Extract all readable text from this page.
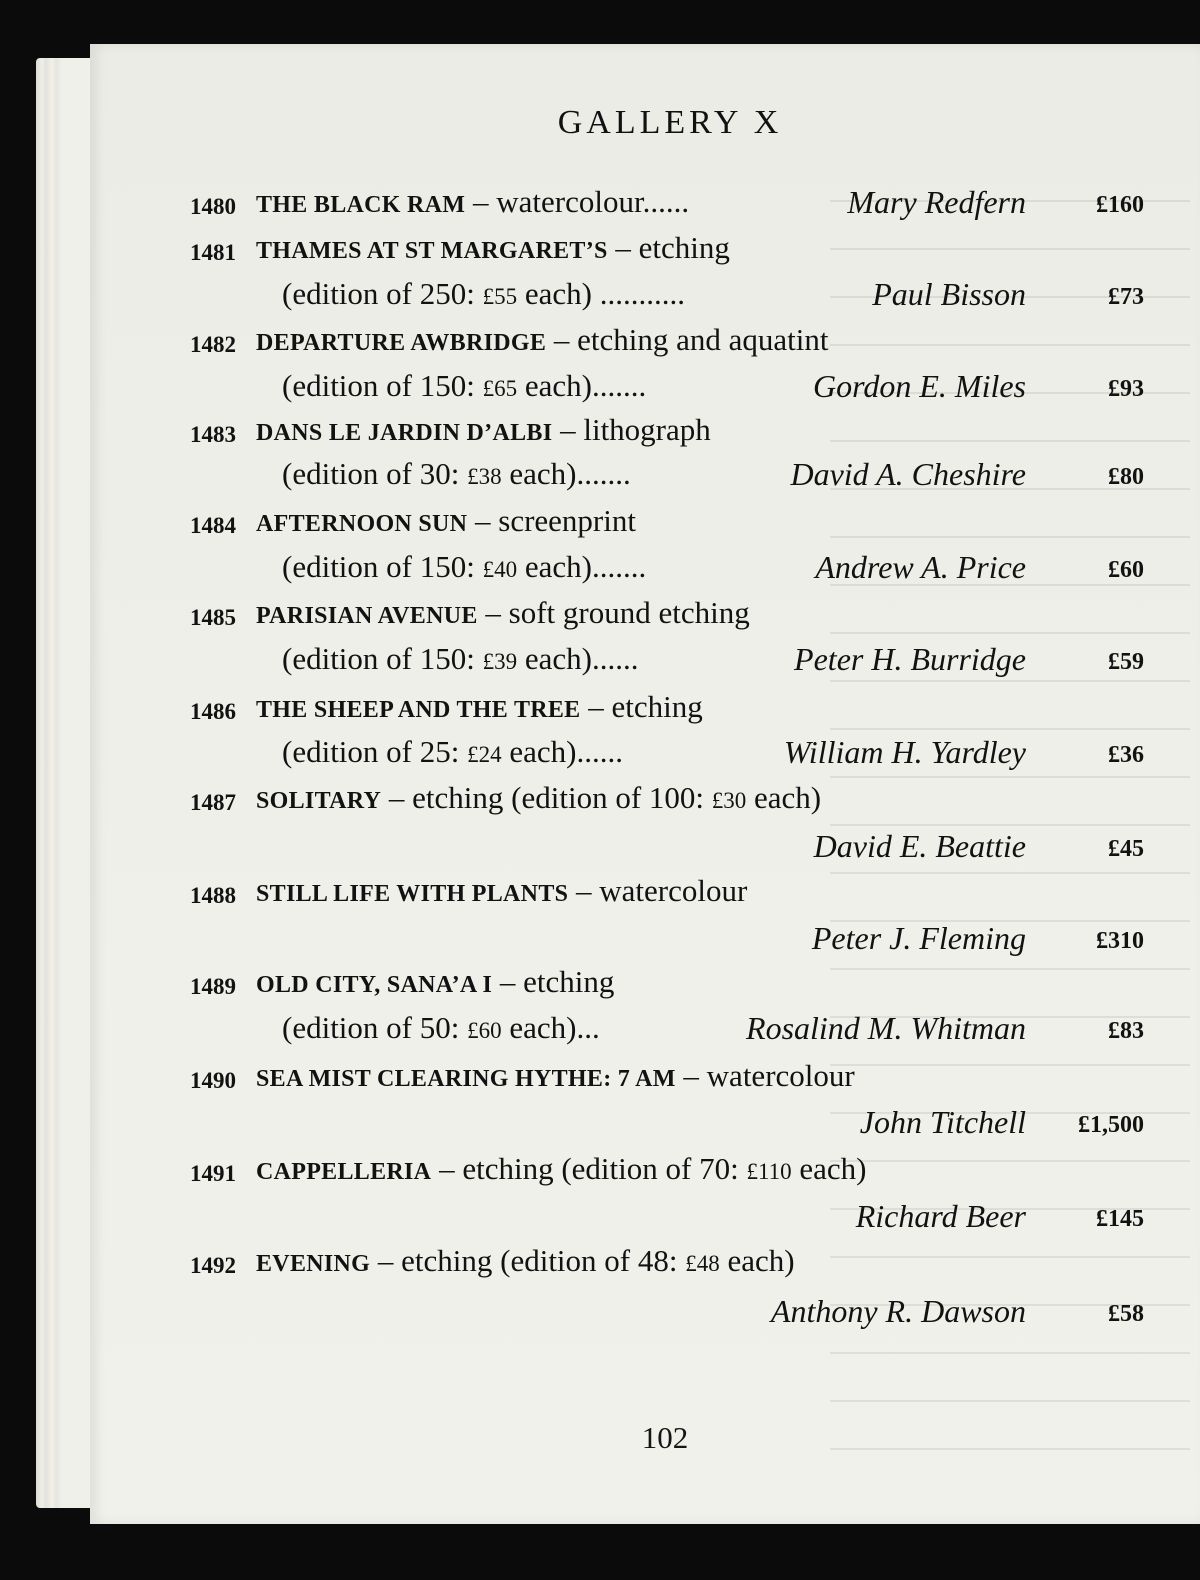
GALLERY X
1480 THE BLACK RAM – watercolour......	Mary Redfern	£160
1481 THAMES AT ST MARGARET’S – etching
(edition of 250: £55 each) ...........	Paul Bisson	£73
1482 DEPARTURE AWBRIDGE – etching and aquatint
(edition of 150: £65 each).......	Gordon E. Miles	£93
1483 DANS LE JARDIN D’ALBI – lithograph
(edition of 30: £38 each).......	David A. Cheshire	£80
1484 AFTERNOON SUN – screenprint
(edition of 150: £40 each).......	Andrew A. Price	£60
1485 PARISIAN AVENUE – soft ground etching
(edition of 150: £39 each)......	Peter H. Burridge	£59
1486 THE SHEEP AND THE TREE – etching
(edition of 25: £24 each)......	William H. Yardley	£36
1487 SOLITARY – etching (edition of 100: £30 each)
David E. Beattie	£45
1488 STILL LIFE WITH PLANTS – watercolour
Peter J. Fleming	£310
1489 OLD CITY, SANA’A I – etching
(edition of 50: £60 each)...	Rosalind M. Whitman	£83
1490 SEA MIST CLEARING HYTHE: 7 AM – watercolour
John Titchell £1,500
1491 CAPPELLERIA – etching (edition of 70: £110 each)
Richard Beer	£145
1492 EVENING – etching (edition of 48: £48 each)
Anthony R. Dawson	£58
102
